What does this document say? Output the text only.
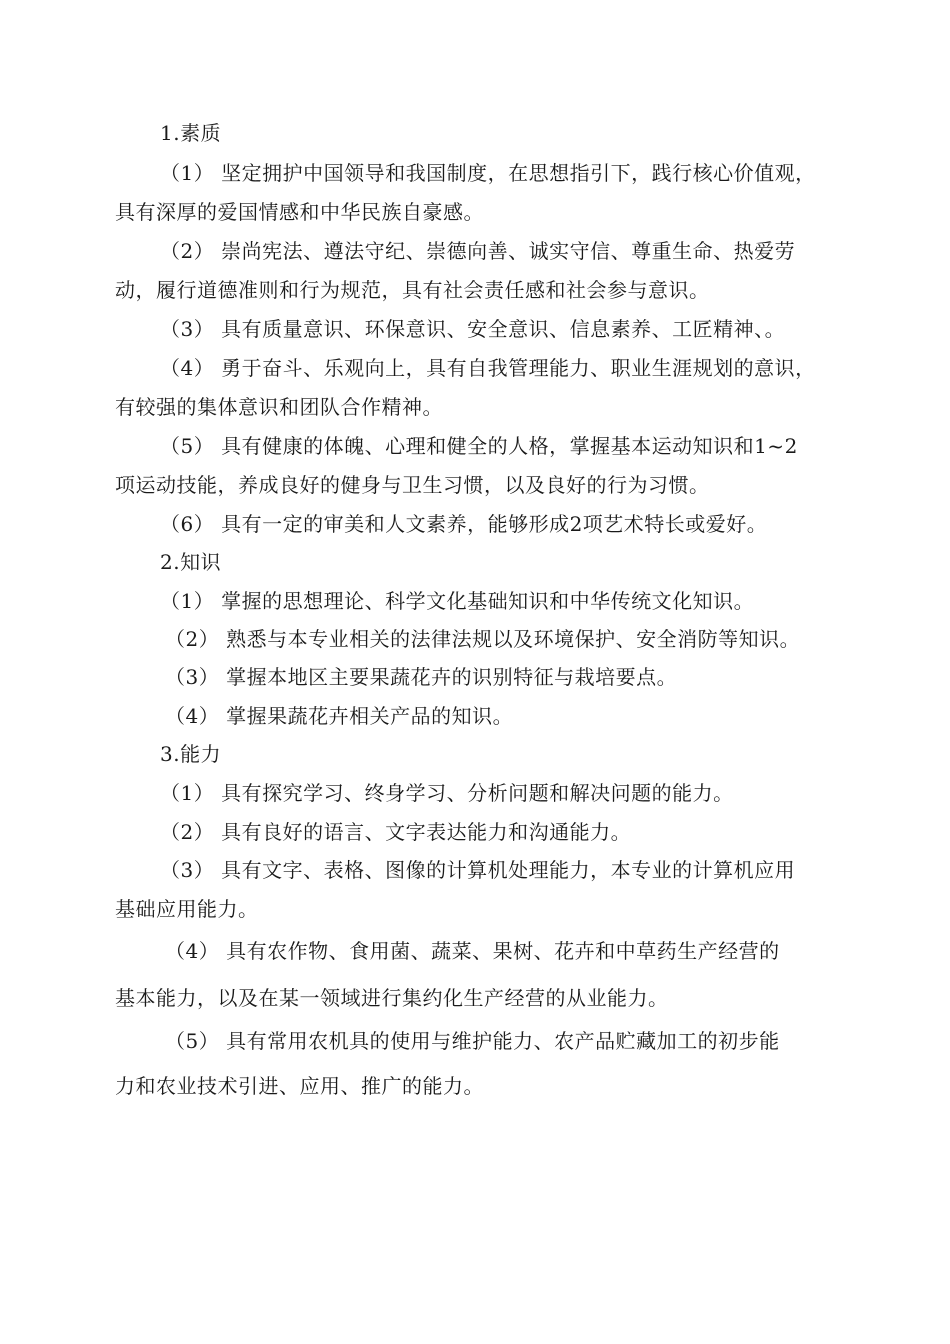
1.素质
（1） 坚定拥护中国领导和我国制度，在思想指引下，践行核心价值观，
具有深厚的爱国情感和中华民族自豪感。
（2） 崇尚宪法、遵法守纪、崇德向善、诚实守信、尊重生命、热爱劳
动，履行道德准则和行为规范，具有社会责任感和社会参与意识。
（3） 具有质量意识、环保意识、安全意识、信息素养、工匠精神、。
（4） 勇于奋斗、乐观向上，具有自我管理能力、职业生涯规划的意识，
有较强的集体意识和团队合作精神。
（5） 具有健康的体魄、心理和健全的人格，掌握基本运动知识和1~2
项运动技能，养成良好的健身与卫生习惯，以及良好的行为习惯。
（6） 具有一定的审美和人文素养，能够形成2项艺术特长或爱好。
2.知识
（1） 掌握的思想理论、科学文化基础知识和中华传统文化知识。
（2） 熟悉与本专业相关的法律法规以及环境保护、安全消防等知识。
（3） 掌握本地区主要果蔬花卉的识别特征与栽培要点。
（4） 掌握果蔬花卉相关产品的知识。
3.能力
（1） 具有探究学习、终身学习、分析问题和解决问题的能力。
（2） 具有良好的语言、文字表达能力和沟通能力。
（3） 具有文字、表格、图像的计算机处理能力，本专业的计算机应用
基础应用能力。
（4） 具有农作物、食用菌、蔬菜、果树、花卉和中草药生产经营的
基本能力，以及在某一领域进行集约化生产经营的从业能力。
（5） 具有常用农机具的使用与维护能力、农产品贮藏加工的初步能
力和农业技术引进、应用、推广的能力。
